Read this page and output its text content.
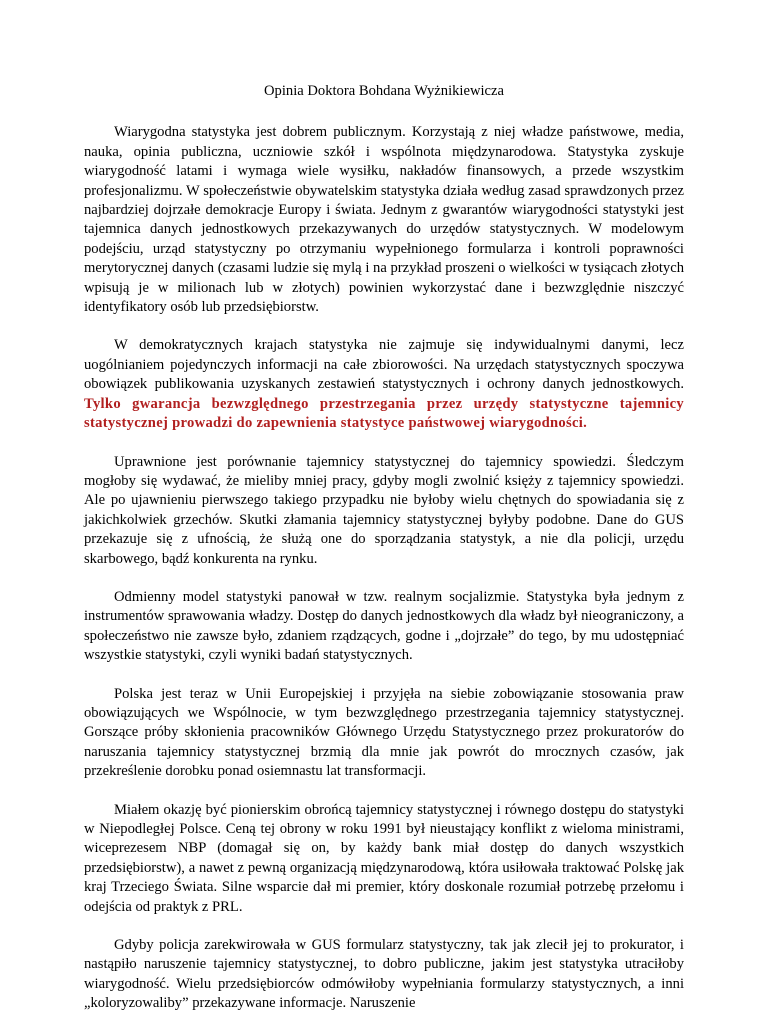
Opinia Doktora Bohdana Wyżnikiewicza

Wiarygodna statystyka jest dobrem publicznym. Korzystają z niej władze państwowe, media, nauka, opinia publiczna, uczniowie szkół i wspólnota międzynarodowa. Statystyka zyskuje wiarygodność latami i wymaga wiele wysiłku, nakładów finansowych, a przede wszystkim profesjonalizmu. W społeczeństwie obywatelskim statystyka działa według zasad sprawdzonych przez najbardziej dojrzałe demokracje Europy i świata. Jednym z gwarantów wiarygodności statystyki jest tajemnica danych jednostkowych przekazywanych do urzędów statystycznych. W modelowym podejściu, urząd statystyczny po otrzymaniu wypełnionego formularza i kontroli poprawności merytorycznej danych (czasami ludzie się mylą i na przykład proszeni o wielkości w tysiącach złotych wpisują je w milionach lub w złotych) powinien wykorzystać dane i bezwzględnie niszczyć identyfikatory osób lub przedsiębiorstw.

W demokratycznych krajach statystyka nie zajmuje się indywidualnymi danymi, lecz uogólnianiem pojedynczych informacji na całe zbiorowości. Na urzędach statystycznych spoczywa obowiązek publikowania uzyskanych zestawień statystycznych i ochrony danych jednostkowych. Tylko gwarancja bezwzględnego przestrzegania przez urzędy statystyczne tajemnicy statystycznej prowadzi do zapewnienia statystyce państwowej wiarygodności.

Uprawnione jest porównanie tajemnicy statystycznej do tajemnicy spowiedzi. Śledczym mogłoby się wydawać, że mieliby mniej pracy, gdyby mogli zwolnić księży z tajemnicy spowiedzi. Ale po ujawnieniu pierwszego takiego przypadku nie byłoby wielu chętnych do spowiadania się z jakichkolwiek grzechów. Skutki złamania tajemnicy statystycznej byłyby podobne. Dane do GUS przekazuje się z ufnością, że służą one do sporządzania statystyk, a nie dla policji, urzędu skarbowego, bądź konkurenta na rynku.

Odmienny model statystyki panował w tzw. realnym socjalizmie. Statystyka była jednym z instrumentów sprawowania władzy. Dostęp do danych jednostkowych dla władz był nieograniczony, a społeczeństwo nie zawsze było, zdaniem rządzących, godne i „dojrzałe” do tego, by mu udostępniać wszystkie statystyki, czyli wyniki badań statystycznych.

Polska jest teraz w Unii Europejskiej i przyjęła na siebie zobowiązanie stosowania praw obowiązujących we Wspólnocie, w tym bezwzględnego przestrzegania tajemnicy statystycznej. Gorszące próby skłonienia pracowników Głównego Urzędu Statystycznego przez prokuratorów do naruszania tajemnicy statystycznej brzmią dla mnie jak powrót do mrocznych czasów, jak przekreślenie dorobku ponad osiemnastu lat transformacji.

Miałem okazję być pionierskim obrońcą tajemnicy statystycznej i równego dostępu do statystyki w Niepodległej Polsce. Ceną tej obrony w roku 1991 był nieustający konflikt z wieloma ministrami, wiceprezesem NBP (domagał się on, by każdy bank miał dostęp do danych wszystkich przedsiębiorstw), a nawet z pewną organizacją międzynarodową, która usiłowała traktować Polskę jak kraj Trzeciego Świata. Silne wsparcie dał mi premier, który doskonale rozumiał potrzebę przełomu i odejścia od praktyk z PRL.

Gdyby policja zarekwirowała w GUS formularz statystyczny, tak jak zlecił jej to prokurator, i nastąpiło naruszenie tajemnicy statystycznej, to dobro publiczne, jakim jest statystyka utraciłoby wiarygodność. Wielu przedsiębiorców odmówiłoby wypełniania formularzy statystycznych, a inni „koloryzowaliby” przekazywane informacje. Naruszenie
